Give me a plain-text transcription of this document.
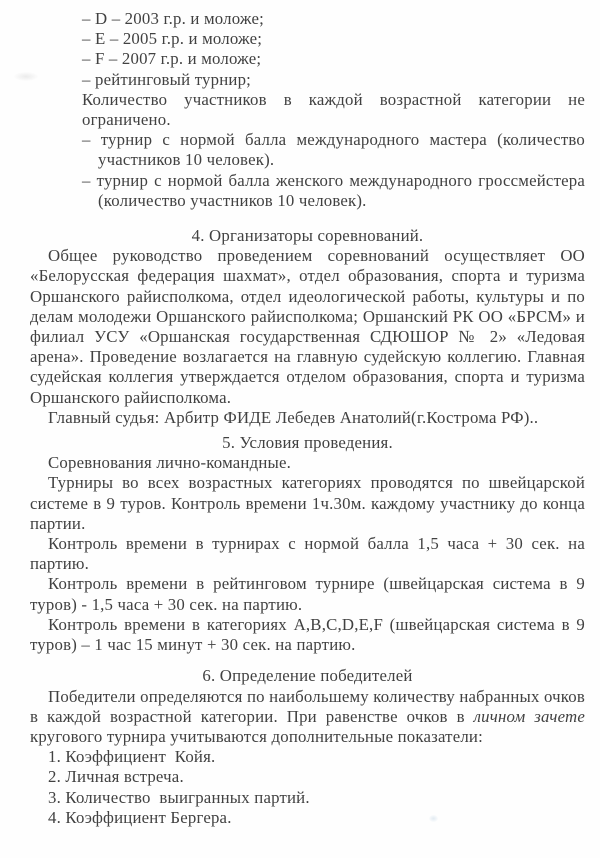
– D – 2003 г.р. и моложе;
– E – 2005 г.р. и моложе;
– F – 2007 г.р. и моложе;
– рейтинговый турнир;

Количество участников в каждой возрастной категории не ограничено.

– турнир с нормой балла международного мастера (количество участников 10 человек).

– турнир с нормой балла женского международного гроссмейстера (количество участников 10 человек).

4. Организаторы соревнований.

Общее руководство проведением соревнований осуществляет ОО «Белорусская федерация шахмат», отдел образования, спорта и туризма Оршанского райисполкома, отдел идеологической работы, культуры и по делам молодежи Оршанского райисполкома; Оршанский РК ОО «БРСМ» и филиал УСУ «Оршанская государственная СДЮШОР № 2» «Ледовая арена». Проведение возлагается на главную судейскую коллегию. Главная судейская коллегия утверждается отделом образования, спорта и туризма Оршанского райисполкома.

Главный судья: Арбитр ФИДЕ Лебедев Анатолий(г.Кострома РФ)..

5. Условия проведения.

Соревнования лично-командные.

Турниры во всех возрастных категориях проводятся по швейцарской системе в 9 туров. Контроль времени 1ч.30м. каждому участнику до конца партии.

Контроль времени в турнирах с нормой балла 1,5 часа + 30 сек. на партию.

Контроль времени в рейтинговом турнире (швейцарская система в 9 туров) - 1,5 часа + 30 сек. на партию.

Контроль времени в категориях A,B,C,D,E,F (швейцарская система в 9 туров) – 1 час 15 минут + 30 сек. на партию.

6. Определение победителей

Победители определяются по наибольшему количеству набранных очков в каждой возрастной категории. При равенстве очков в личном зачете кругового турнира учитываются дополнительные показатели:

1. Коэффициент  Койя.

2. Личная встреча.

3. Количество  выигранных партий.

4. Коэффициент Бергера.
